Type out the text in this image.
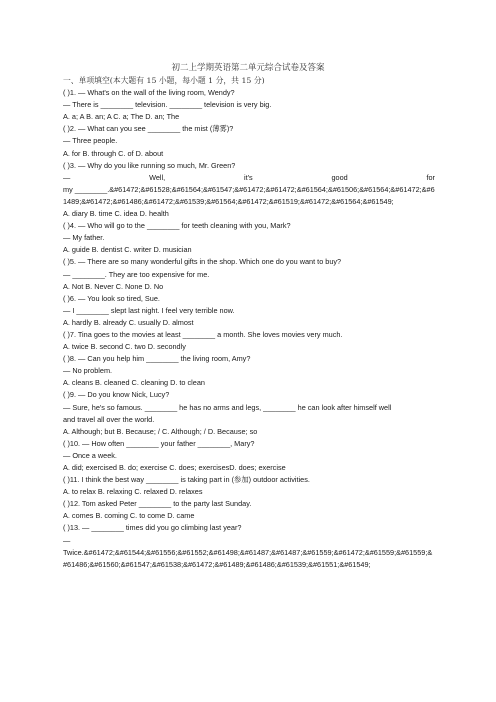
初二上学期英语第二单元综合试卷及答案
一、单项填空(本大题有 15 小题，每小题 1 分，共 15 分)
( )1. — What's on the wall of the living room, Wendy?
— There is ________ television. ________ television is very big.
A. a; A B. an; A C. a; The D. an; The
( )2. — What can you see ________ the mist (薄雾)?
— Three people.
A. for B. through C. of D. about
( )3. — Why do you like running so much, Mr. Green?
— Well, it's good for
my ________.&#61472;&#61528;&#61564;&#61547;&#61472;&#61472;&#61564;&#61506;&#61564;&#61472;&#61489;&#61472;&#61486;&#61472;&#61539;&#61564;&#61472;&#61519;&#61472;&#61564;&#61549;
A. diary B. time C. idea D. health
( )4. — Who will go to the ________ for teeth cleaning with you, Mark?
— My father.
A. guide B. dentist C. writer D. musician
( )5. — There are so many wonderful gifts in the shop. Which one do you want to buy?
— ________. They are too expensive for me.
A. Not B. Never C. None D. No
( )6. — You look so tired, Sue.
— I ________ slept last night. I feel very terrible now.
A. hardly B. already C. usually D. almost
( )7. Tina goes to the movies at least ________ a month. She loves movies very much.
A. twice B. second C. two D. secondly
( )8. — Can you help him ________ the living room, Amy?
— No problem.
A. cleans B. cleaned C. cleaning D. to clean
( )9. — Do you know Nick, Lucy?
— Sure, he's so famous. ________ he has no arms and legs, ________ he can look after himself well
and travel all over the world.
A. Although; but B. Because; / C. Although; / D. Because; so
( )10. — How often ________ your father ________, Mary?
— Once a week.
A. did; exercised B. do; exercise C. does; exercisesD. does; exercise
( )11. I think the best way ________ is taking part in (参加) outdoor activities.
A. to relax B. relaxing C. relaxed D. relaxes
( )12. Tom asked Peter ________ to the party last Sunday.
A. comes B. coming C. to come D. came
( )13. — ________ times did you go climbing last year?
—
Twice.&#61472;&#61544;&#61556;&#61552;&#61498;&#61487;&#61487;&#61559;&#61472;&#61559;&#61559;&#61486;&#61560;&#61547;&#61538;&#61472;&#61489;&#61486;&#61539;&#61551;&#61549;
